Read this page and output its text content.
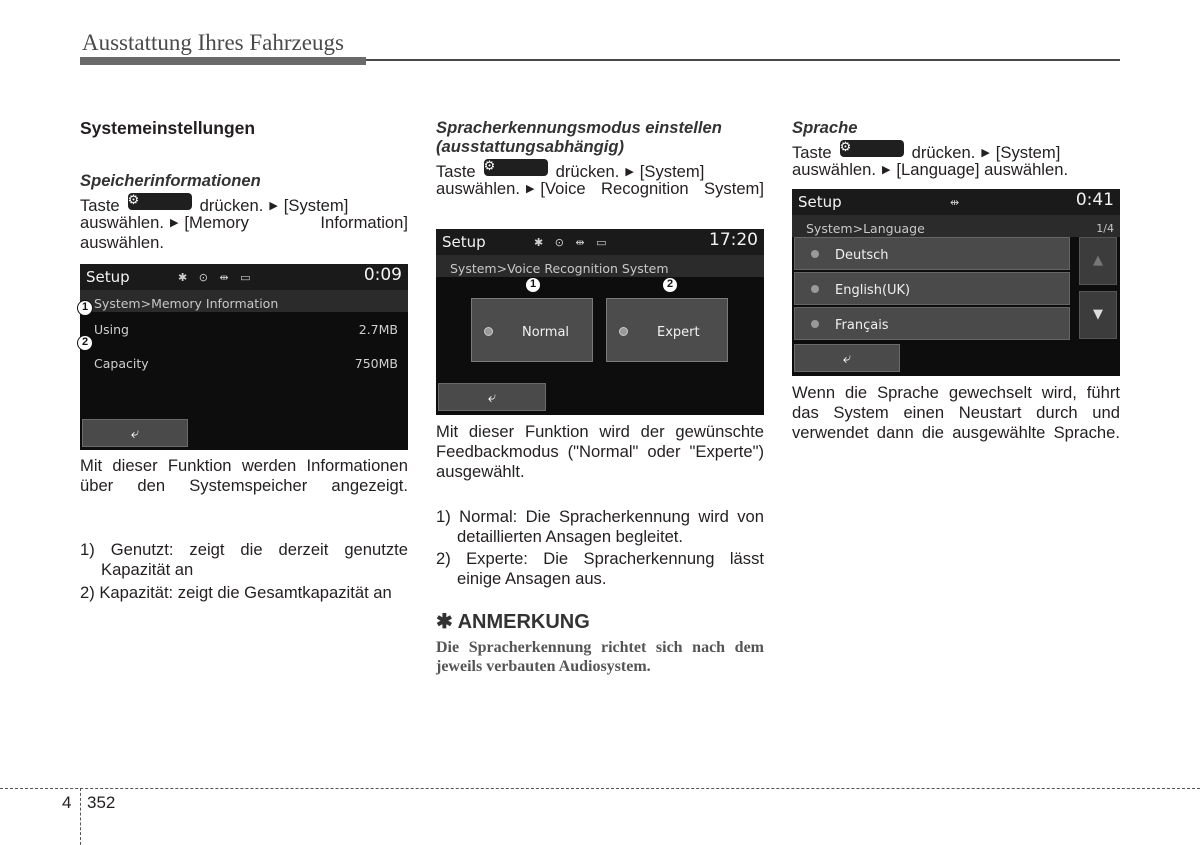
Ausstattung Ihres Fahrzeugs
Systemeinstellungen
Speicherinformationen
Taste ⚙	drücken. ▶ [System]
auswählen. ▶ [Memory Information]
auswählen.
Setup	✱ ⊙ ⇹ ▭	0:09
System>Memory Information
Using	2.7MB
Capacity	750MB
⤶
1
2
Mit dieser Funktion werden Informationen über den Systemspeicher angezeigt.
1) Genutzt: zeigt die derzeit genutzte Kapazität an
2) Kapazität: zeigt die Gesamtkapazität an
Spracherkennungsmodus einstellen (ausstattungsabhängig)
Taste ⚙	drücken. ▶ [System]
auswählen. ▶ [Voice Recognition System]
Setup	✱ ⊙ ⇹ ▭	17:20
System>Voice Recognition System
Normal	Expert
1	2
⤶
Mit dieser Funktion wird der gewünschte Feedbackmodus ("Normal" oder "Experte") ausgewählt.
1) Normal: Die Spracherkennung wird von detaillierten Ansagen begleitet.
2) Experte: Die Spracherkennung lässt einige Ansagen aus.
✱ ANMERKUNG
Die Spracherkennung richtet sich nach dem jeweils verbauten Audiosystem.
Sprache
Taste ⚙	drücken. ▶ [System]
auswählen. ▶ [Language] auswählen.
Setup	⇹	0:41
System>Language	1/4
Deutsch
English(UK)
Français
▲
▼
⤶
Wenn die Sprache gewechselt wird, führt das System einen Neustart durch und verwendet dann die ausgewählte Sprache.
4 352
